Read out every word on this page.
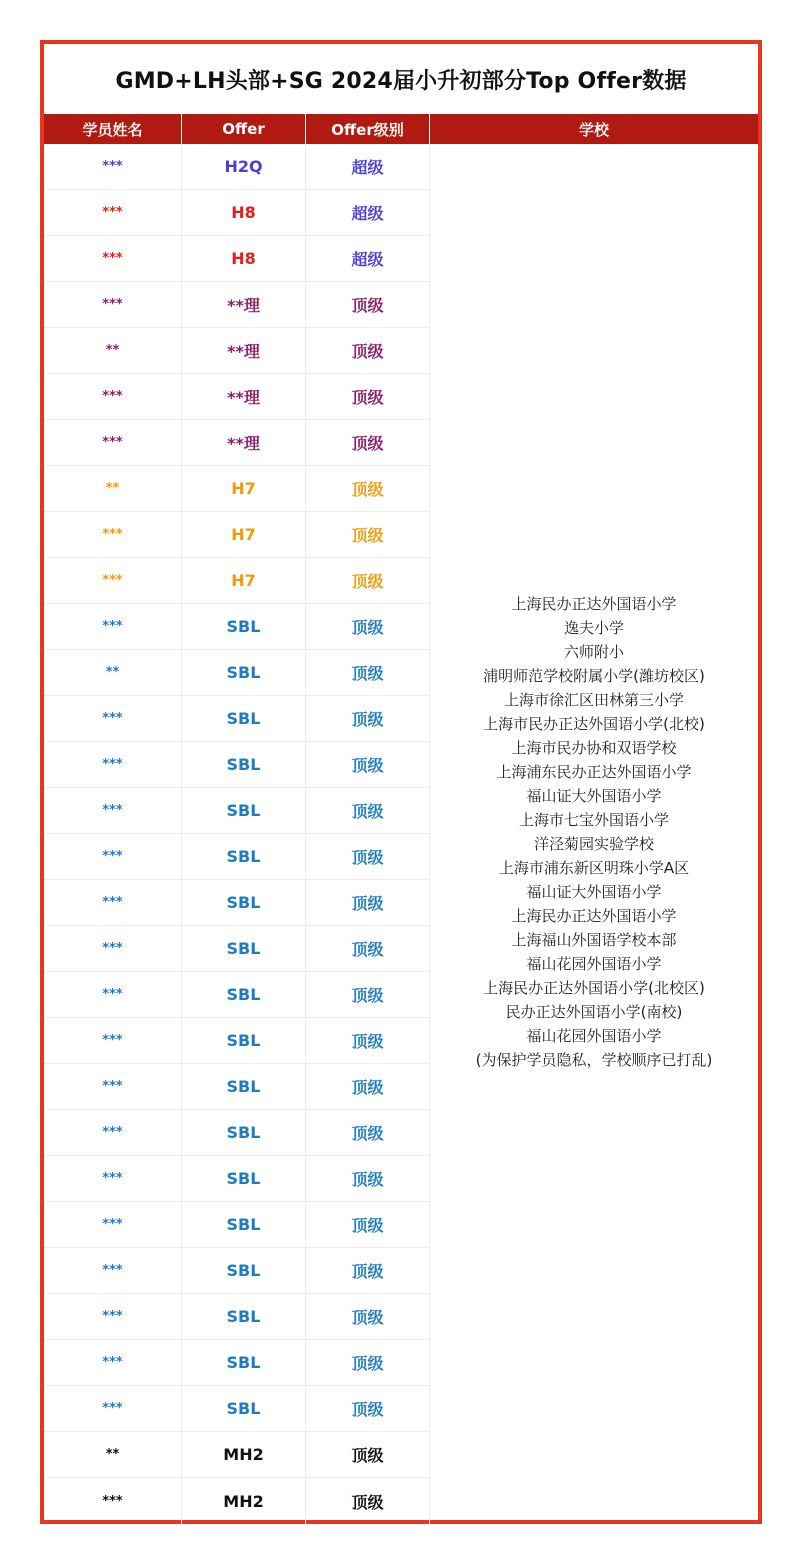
GMD+LH头部+SG 2024届小升初部分Top Offer数据
学员姓名	Offer	Offer级别	学校
***	H2Q	超级
***	H8	超级
***	H8	超级
***	**理	顶级
**	**理	顶级
***	**理	顶级
***	**理	顶级
**	H7	顶级
***	H7	顶级
***	H7	顶级
***	SBL	顶级
**	SBL	顶级
***	SBL	顶级
***	SBL	顶级
***	SBL	顶级
***	SBL	顶级
***	SBL	顶级
***	SBL	顶级
***	SBL	顶级
***	SBL	顶级
***	SBL	顶级
***	SBL	顶级
***	SBL	顶级
***	SBL	顶级
***	SBL	顶级
***	SBL	顶级
***	SBL	顶级
***	SBL	顶级
**	MH2	顶级
***	MH2	顶级
上海民办正达外国语小学
逸夫小学
六师附小
浦明师范学校附属小学(潍坊校区)
上海市徐汇区田林第三小学
上海市民办正达外国语小学(北校)
上海市民办协和双语学校
上海浦东民办正达外国语小学
福山证大外国语小学
上海市七宝外国语小学
洋泾菊园实验学校
上海市浦东新区明珠小学A区
福山证大外国语小学
上海民办正达外国语小学
上海福山外国语学校本部
福山花园外国语小学
上海民办正达外国语小学(北校区)
民办正达外国语小学(南校)
福山花园外国语小学
(为保护学员隐私，学校顺序已打乱)
